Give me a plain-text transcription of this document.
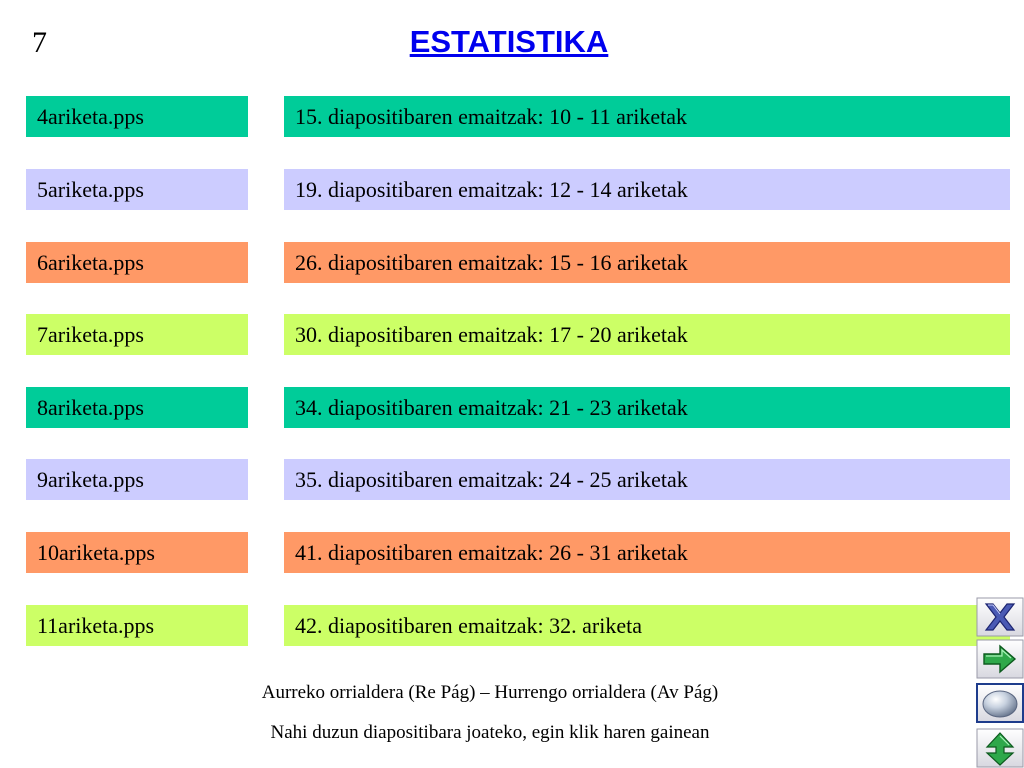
7	ESTATISTIKA
4ariketa.pps	15. diapositibaren emaitzak: 10 - 11 ariketak
5ariketa.pps	19. diapositibaren emaitzak: 12 - 14 ariketak
6ariketa.pps	26. diapositibaren emaitzak: 15 - 16 ariketak
7ariketa.pps	30. diapositibaren emaitzak: 17 - 20 ariketak
8ariketa.pps	34. diapositibaren emaitzak: 21 - 23 ariketak
9ariketa.pps	35. diapositibaren emaitzak: 24 - 25 ariketak
10ariketa.pps	41. diapositibaren emaitzak: 26 - 31 ariketak
11ariketa.pps	42. diapositibaren emaitzak: 32. ariketa
Aurreko orrialdera (Re Pág) – Hurrengo orrialdera (Av Pág)
Nahi duzun diapositibara joateko, egin klik haren gainean
